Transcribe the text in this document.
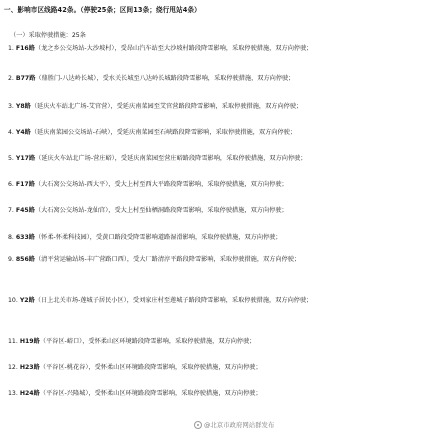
一、影响市区线路42条。（停驶25条；区间13条；绕行甩站4条）
（一）采取停驶措施：25条
1. F16路（龙之乡公交场站-大沙坡村），受昂山汽车站至大沙坡村路段降雪影响，采取停驶措施，双方向停驶；
2. B77路（鼎胜门-八达岭长城），受水关长城至八达岭长城路段降雪影响，采取停驶措施，双方向停驶；
3. Y8路（延庆火车站北广场-艾官营），受延庆南菜园至艾官营路段降雪影响，采取停驶措施，双方向停驶；
4. Y4路（延庆南菜园公交场站-石峡），受延庆南菜园至石峡路段降雪影响，采取停驶措施，双方向停驶；
5. Y17路（延庆火车站北广场-营庄峪），受延庆南菜园至营庄峪路段降雪影响，采取停驶措施，双方向停驶；
6. F17路（大石窝公交场站-西大平），受大上村至西大平路段降雪影响，采取停驶措施，双方向停驶；
7. F45路（大石窝公交场站-龙仙宫），受大上村至仙栖洞路段降雪影响，采取停驶措施，双方向停驶；
8. 633路（怀柔-怀柔科技园），受黄口路段受降雪影响道路湿滑影响，采取停驶措施，双方向停驶；
9. 856路（清平营运输站场-丰广营路口西），受大厂路清淳平路段降雪影响，采取停驶措施，双方向停驶；
10. Y2路（日上北关市场-莲城子居民小区），受刘家庄村至莲城子路段降雪影响，采取停驶措施，双方向停驶；
11. H19路（平谷区-峪口），受怀柔山区环境路段降雪影响，采取停驶措施，双方向停驶；
12. H23路（平谷区-桃花谷），受怀柔山区环境路段降雪影响，采取停驶措施，双方向停驶；
13. H24路（平谷区-兴隆城），受怀柔山区环境路段降雪影响，采取停驶措施，双方向停驶；
@北京市政府网站群发布
